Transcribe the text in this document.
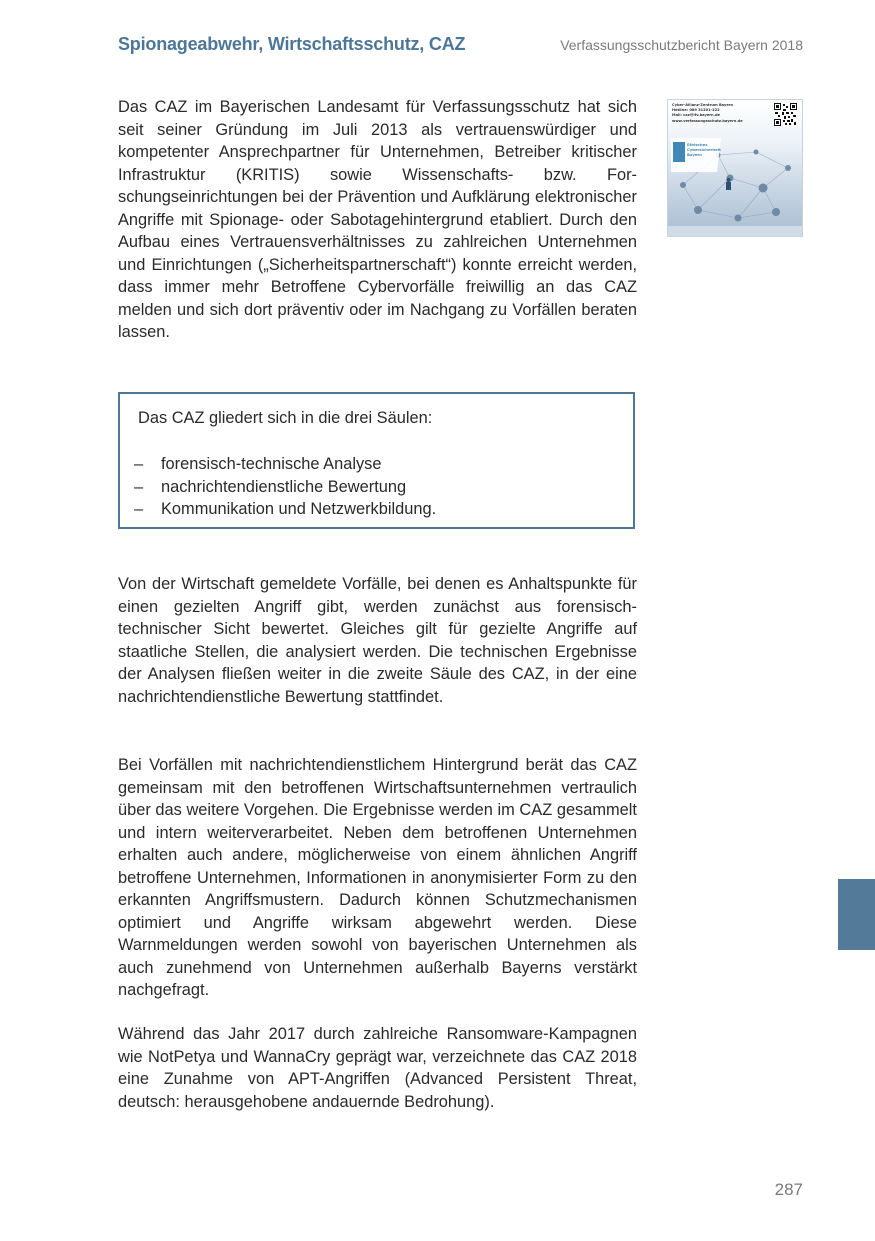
Spionageabwehr, Wirtschaftsschutz, CAZ	Verfassungsschutzbericht Bayern 2018

Das CAZ im Bayerischen Landesamt für Verfassungsschutz hat sich seit seiner Gründung im Juli 2013 als vertrauenswürdiger und kompetenter Ansprechpartner für Unternehmen, Betreiber kritischer Infrastruktur (KRITIS) sowie Wissenschafts- bzw. Forschungseinrichtungen bei der Prävention und Aufklärung elektronischer Angriffe mit Spionage- oder Sabotagehintergrund etabliert. Durch den Aufbau eines Vertrauensverhältnisses zu zahlreichen Unternehmen und Einrichtungen („Sicherheitspartnerschaft“) konnte erreicht werden, dass immer mehr Betroffene Cybervorfälle freiwillig an das CAZ melden und sich dort präventiv oder im Nachgang zu Vorfällen beraten lassen.

Cyber-Allianz-Zentrum Bayern
Hotline: 089 31201-222
Mail: caz@lfv.bayern.de
www.verfassungsschutz.bayern.de
Ethisches
Cybersicherheit
Bayern
Das CAZ gliedert sich in die drei Säulen:
–	forensisch-technische Analyse
–	nachrichtendienstliche Bewertung
–	Kommunikation und Netzwerkbildung.

Von der Wirtschaft gemeldete Vorfälle, bei denen es Anhaltspunkte für einen gezielten Angriff gibt, werden zunächst aus forensisch-technischer Sicht bewertet. Gleiches gilt für gezielte Angriffe auf staatliche Stellen, die analysiert werden. Die technischen Ergebnisse der Analysen fließen weiter in die zweite Säule des CAZ, in der eine nachrichtendienstliche Bewertung stattfindet.

Bei Vorfällen mit nachrichtendienstlichem Hintergrund berät das CAZ gemeinsam mit den betroffenen Wirtschaftsunternehmen vertraulich über das weitere Vorgehen. Die Ergebnisse werden im CAZ gesammelt und intern weiterverarbeitet. Neben dem betroffenen Unternehmen erhalten auch andere, möglicherweise von einem ähnlichen Angriff betroffene Unternehmen, Informationen in anonymisierter Form zu den erkannten Angriffsmustern. Dadurch können Schutzmechanismen optimiert und Angriffe wirksam abgewehrt werden. Diese Warnmeldungen werden sowohl von bayerischen Unternehmen als auch zunehmend von Unternehmen außerhalb Bayerns verstärkt nachgefragt.

Während das Jahr 2017 durch zahlreiche Ransomware-Kampagnen wie NotPetya und WannaCry geprägt war, verzeichnete das CAZ 2018 eine Zunahme von APT-Angriffen (Advanced Persistent Threat, deutsch: herausgehobene andauernde Bedrohung).

287
